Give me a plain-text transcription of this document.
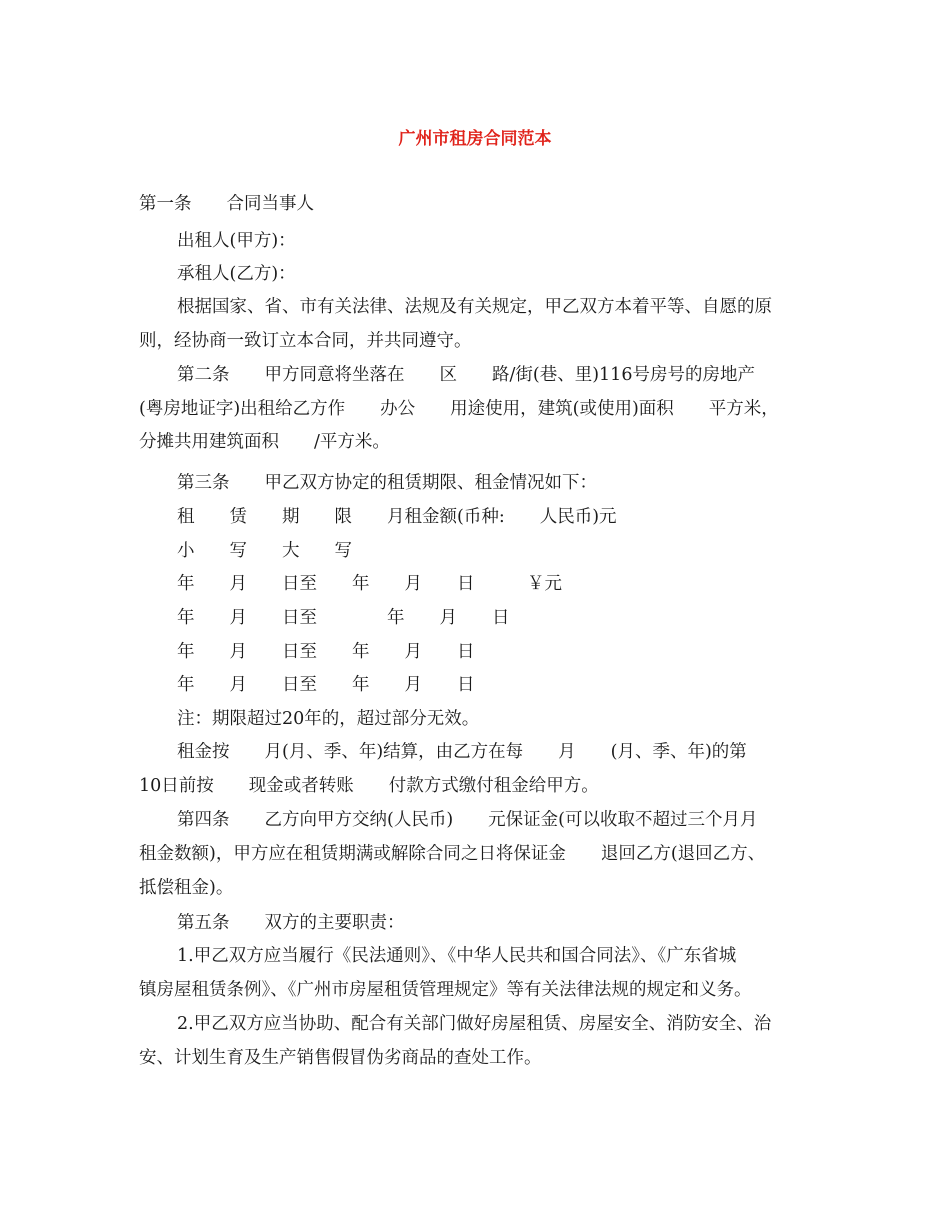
广州市租房合同范本
第一条　　合同当事人
出租人(甲方)：
承租人(乙方)：
根据国家、省、市有关法律、法规及有关规定，甲乙双方本着平等、自愿的原
则，经协商一致订立本合同，并共同遵守。
第二条　　甲方同意将坐落在　　区　　路/街(巷、里)116号房号的房地产
(粤房地证字)出租给乙方作　　办公　　用途使用，建筑(或使用)面积　　平方米，
分摊共用建筑面积　　/平方米。
第三条　　甲乙双方协定的租赁期限、租金情况如下：
租　　赁　　期　　限　　月租金额(币种:　　人民币)元
小　　写　　大　　写
年　　月　　日至　　年　　月　　日　　　￥元
年　　月　　日至　　　　年　　月　　日
年　　月　　日至　　年　　月　　日
年　　月　　日至　　年　　月　　日
注：期限超过20年的，超过部分无效。
租金按　　月(月、季、年)结算，由乙方在每　　月　　(月、季、年)的第
10日前按　　现金或者转账　　付款方式缴付租金给甲方。
第四条　　乙方向甲方交纳(人民币)　　元保证金(可以收取不超过三个月月
租金数额)，甲方应在租赁期满或解除合同之日将保证金　　退回乙方(退回乙方、
抵偿租金)。
第五条　　双方的主要职责：
1.甲乙双方应当履行《民法通则》、《中华人民共和国合同法》、《广东省城
镇房屋租赁条例》、《广州市房屋租赁管理规定》等有关法律法规的规定和义务。
2.甲乙双方应当协助、配合有关部门做好房屋租赁、房屋安全、消防安全、治
安、计划生育及生产销售假冒伪劣商品的查处工作。
